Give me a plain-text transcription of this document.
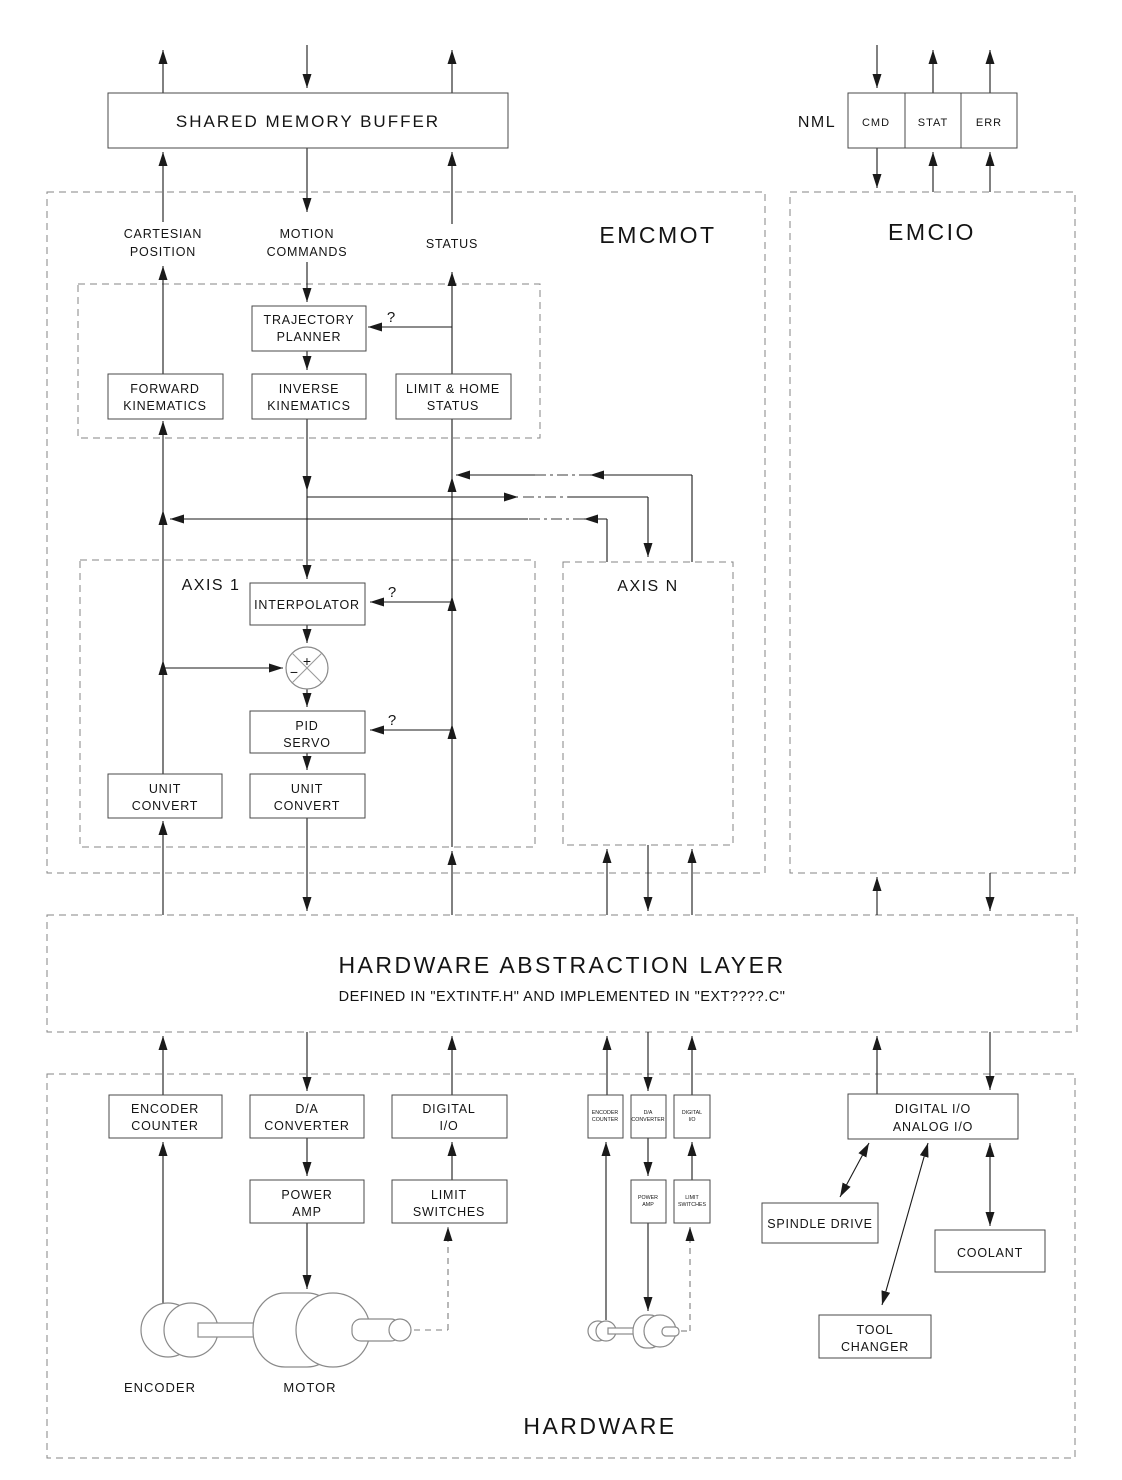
SHARED MEMORY BUFFER	NML CMD	STAT	ERR
EMCMOT	EMCIO
CARTESIAN
POSITION
MOTION
COMMANDS
STATUS
TRAJECTORY
PLANNER
FORWARD
KINEMATICS
INVERSE
KINEMATICS
LIMIT & HOME
STATUS
?
AXIS 1	AXIS N
INTERPOLATOR
?
+
−
PID
SERVO
?
UNIT
CONVERT
UNIT
CONVERT
HARDWARE ABSTRACTION LAYER
DEFINED IN "EXTINTF.H" AND IMPLEMENTED IN "EXT????.C"
ENCODER
COUNTER
D/A
CONVERTER
DIGITAL
I/O
POWER
AMP
LIMIT
SWITCHES
ENCODER
COUNTER
D/A
CONVERTER
DIGITAL
I/O
POWER
AMP
LIMIT
SWITCHES
DIGITAL I/O
ANALOG I/O
SPINDLE DRIVE
COOLANT
TOOL
CHANGER
ENCODER	MOTOR
HARDWARE
